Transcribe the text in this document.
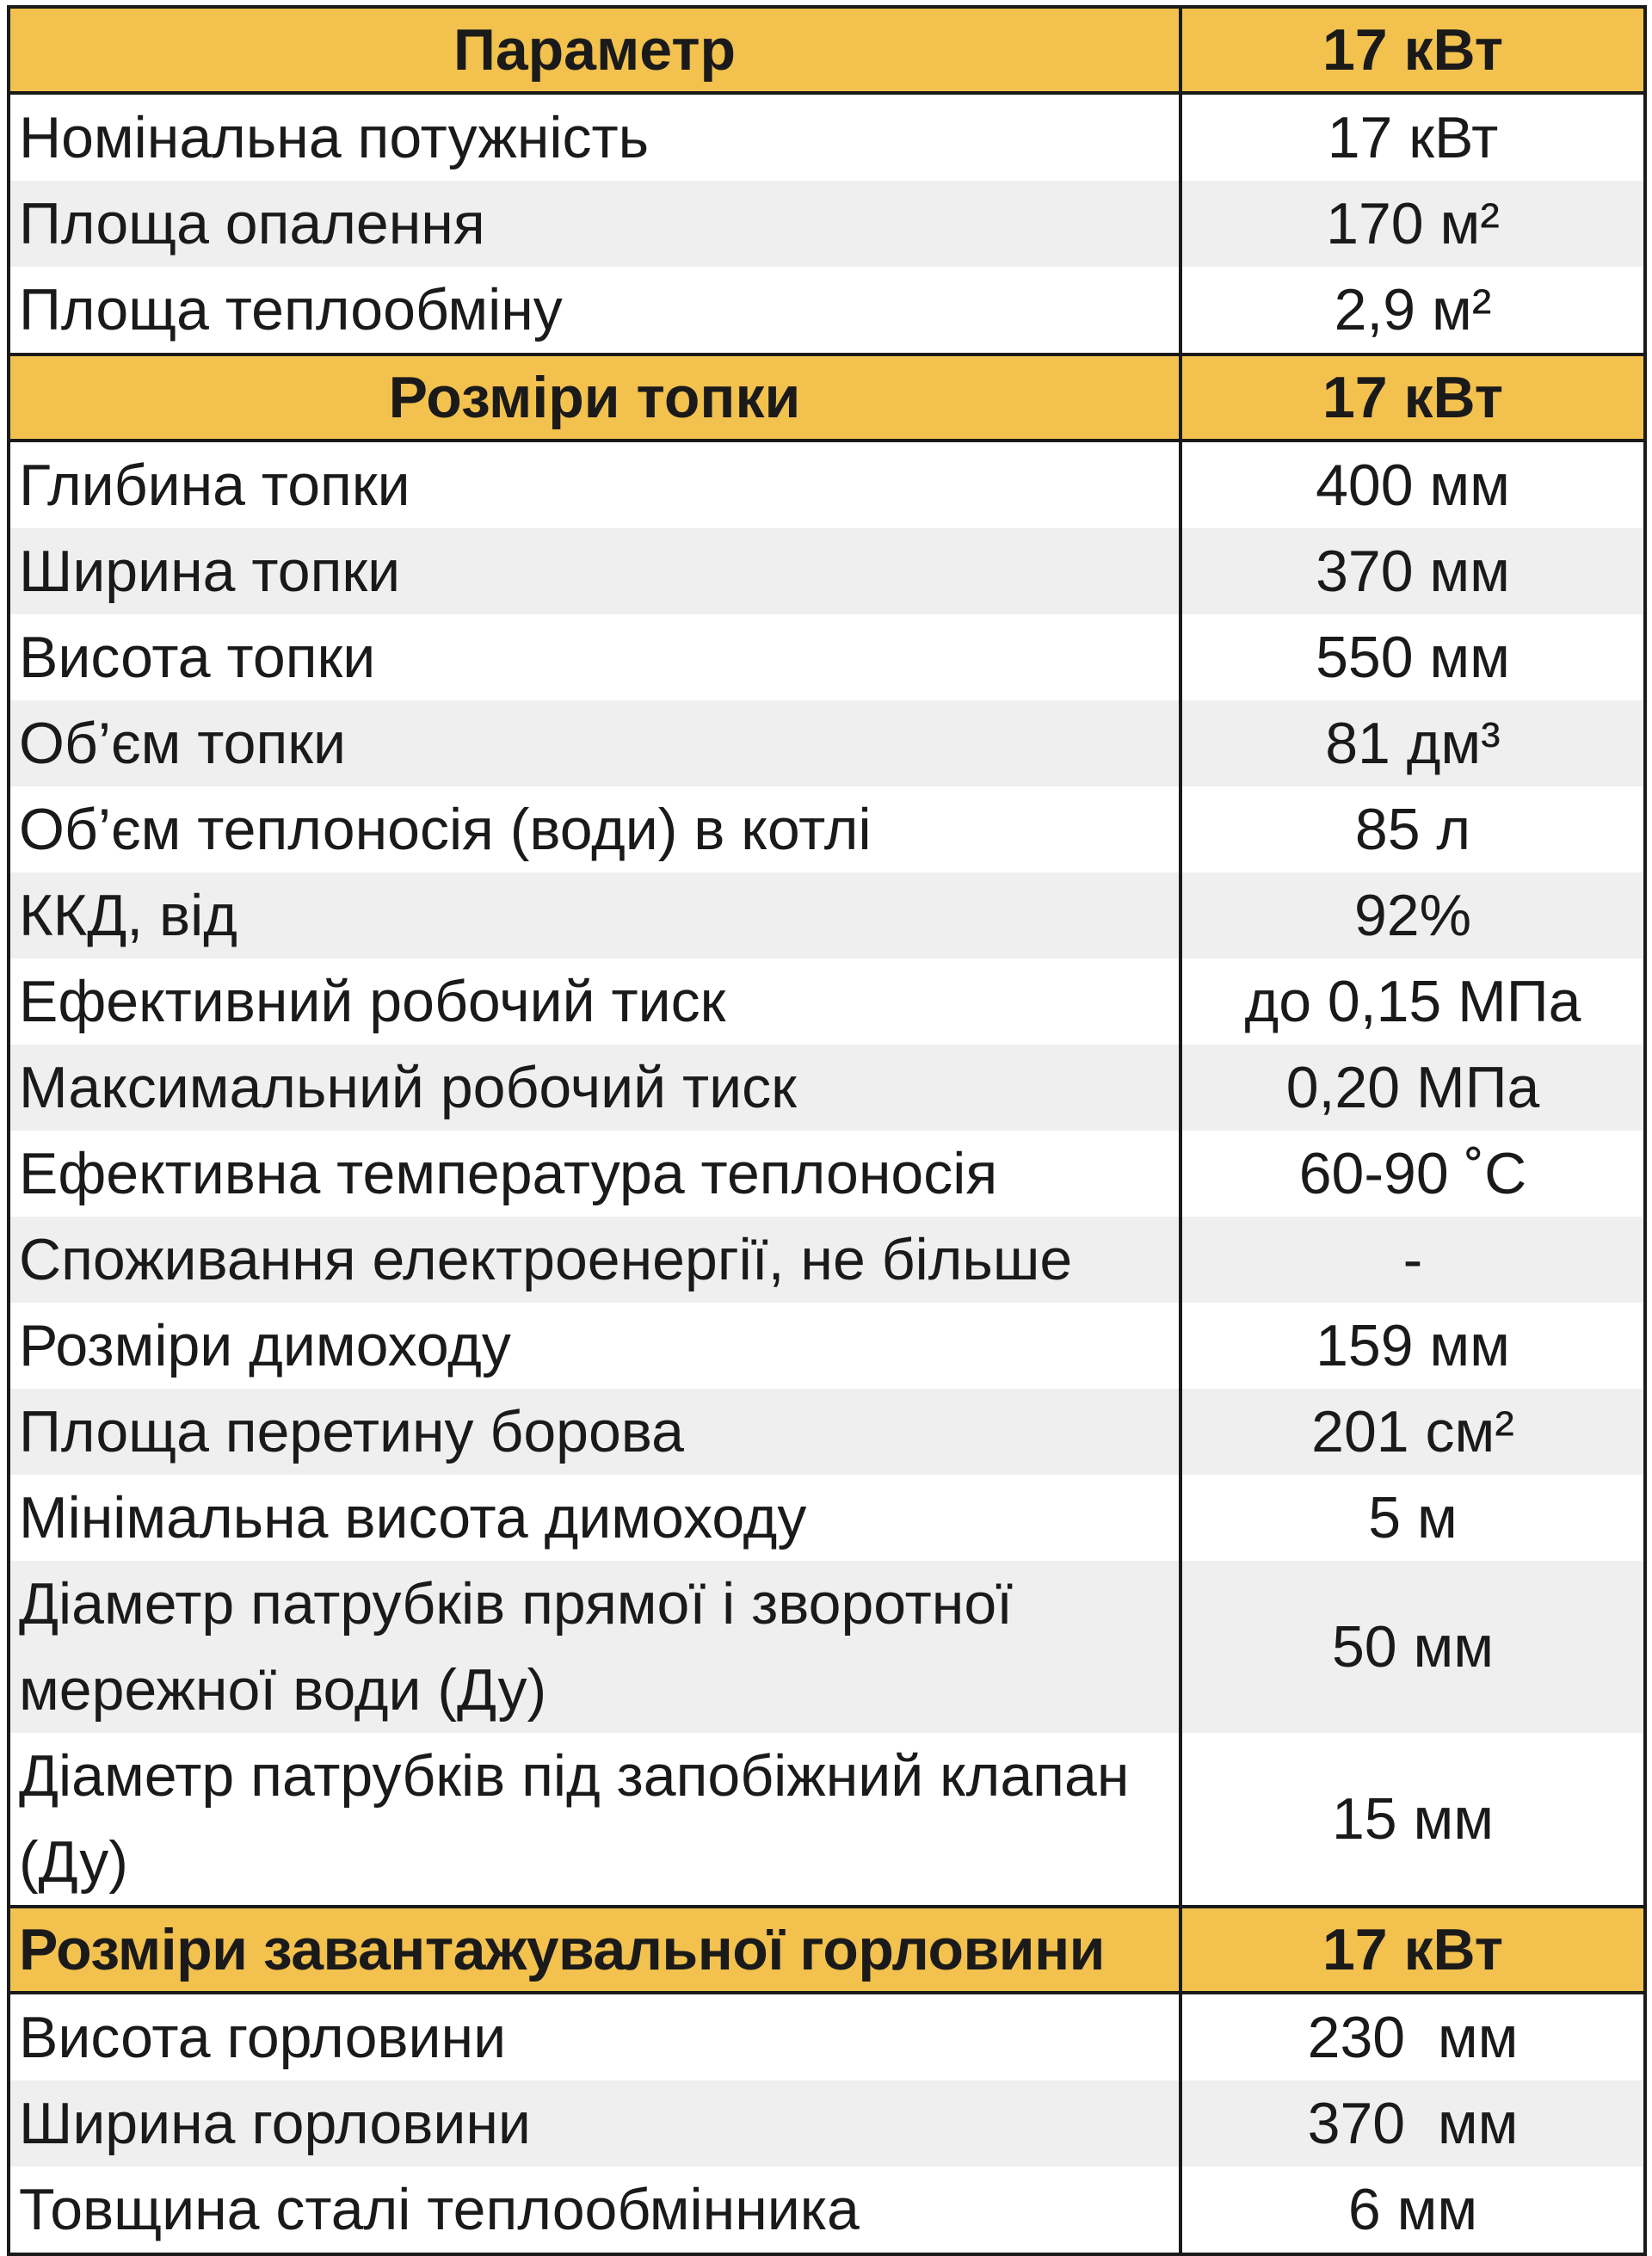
Параметр	17 кВт
Номінальна потужність	17 кВт
Площа опалення	170 м²
Площа теплообміну	2,9 м²
Розміри топки	17 кВт
Глибина топки	400 мм
Ширина топки	370 мм
Висота топки	550 мм
Об’єм топки	81 дм³
Об’єм теплоносія (води) в котлі	85 л
ККД, від	92%
Ефективний робочий тиск	до 0,15 МПа
Максимальний робочий тиск	0,20 МПа
Ефективна температура теплоносія	60-90 ˚С
Споживання електроенергії, не більше	-
Розміри димоходу	159 мм
Площа перетину борова	201 см²
Мінімальна висота димоходу	5 м
Діаметр патрубків прямої і зворотної мережної води (Ду)	50 мм
Діаметр патрубків під запобіжний клапан (Ду)	15 мм
Розміри завантажувальної горловини	17 кВт
Висота горловини	230  мм
Ширина горловини	370  мм
Товщина сталі теплообмінника	6 мм
